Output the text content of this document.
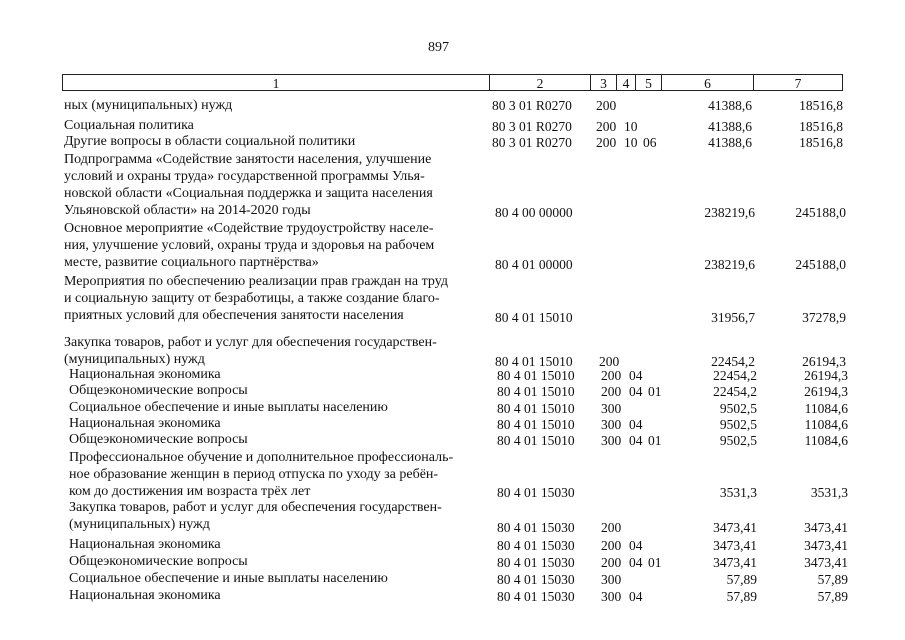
897
1	2	3	4	5	6	7
ных (муниципальных) нужд	80 3 01 R0270 200	41388,6	18516,8
Социальная политика	80 3 01 R0270 200 10	41388,6	18516,8
Другие вопросы в области социальной политики	80 3 01 R0270 200 10 06	41388,6	18516,8
Подпрограмма «Содействие занятости населения, улучшение
условий и охраны труда» государственной программы Улья-
новской области «Социальная поддержка и защита населения
Ульяновской области» на 2014-2020 годы	80 4 00 00000	238219,6	245188,0
Основное мероприятие «Содействие трудоустройству населе-
ния, улучшение условий, охраны труда и здоровья на рабочем
месте, развитие социального партнёрства»	80 4 01 00000	238219,6	245188,0
Мероприятия по обеспечению реализации прав граждан на труд
и социальную защиту от безработицы, а также создание благо-
приятных условий для обеспечения занятости населения	80 4 01 15010	31956,7	37278,9
Закупка товаров, работ и услуг для обеспечения государствен-
(муниципальных) нужд	80 4 01 15010 200	22454,2	26194,3
Национальная экономика	80 4 01 15010 200 04	22454,2	26194,3
Общеэкономические вопросы	80 4 01 15010 200 04 01	22454,2	26194,3
Социальное обеспечение и иные выплаты населению	80 4 01 15010 300	9502,5	11084,6
Национальная экономика	80 4 01 15010 300 04	9502,5	11084,6
Общеэкономические вопросы	80 4 01 15010 300 04 01	9502,5	11084,6
Профессиональное обучение и дополнительное профессиональ-
ное образование женщин в период отпуска по уходу за ребён-
ком до достижения им возраста трёх лет	80 4 01 15030	3531,3	3531,3
Закупка товаров, работ и услуг для обеспечения государствен-
(муниципальных) нужд	80 4 01 15030 200	3473,41	3473,41
Национальная экономика	80 4 01 15030 200 04	3473,41	3473,41
Общеэкономические вопросы	80 4 01 15030 200 04 01	3473,41	3473,41
Социальное обеспечение и иные выплаты населению	80 4 01 15030 300	57,89	57,89
Национальная экономика	80 4 01 15030 300 04	57,89	57,89
